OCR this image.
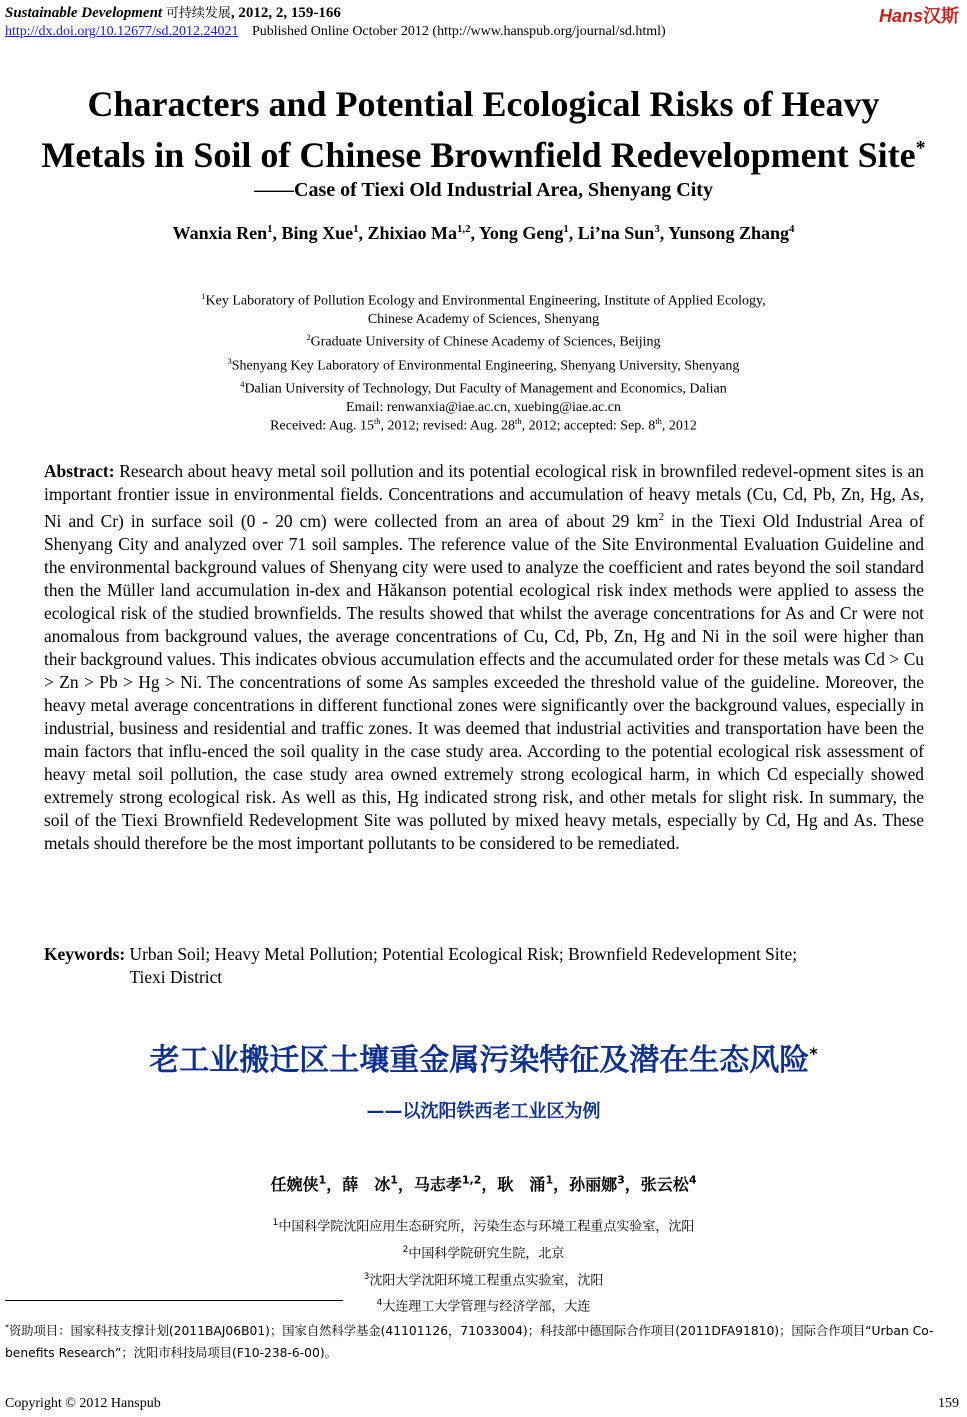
Sustainable Development 可持续发展, 2012, 2, 159-166
http://dx.doi.org/10.12677/sd.2012.24021 Published Online October 2012 (http://www.hanspub.org/journal/sd.html)
Hans汉斯
Characters and Potential Ecological Risks of Heavy
Metals in Soil of Chinese Brownfield Redevelopment Site*
——Case of Tiexi Old Industrial Area, Shenyang City
Wanxia Ren$^1$, Bing Xue$^1$, Zhixiao Ma$^{1,2}$, Yong Geng$^1$, Li’na Sun$^3$, Yunsong Zhang$^4$
$^1$Key Laboratory of Pollution Ecology and Environmental Engineering, Institute of Applied Ecology,
Chinese Academy of Sciences, Shenyang
$^2$Graduate University of Chinese Academy of Sciences, Beijing
$^3$Shenyang Key Laboratory of Environmental Engineering, Shenyang University, Shenyang
$^4$Dalian University of Technology, Dut Faculty of Management and Economics, Dalian
Email: renwanxia@iae.ac.cn, xuebing@iae.ac.cn
Received: Aug. 15th, 2012; revised: Aug. 28th, 2012; accepted: Sep. 8th, 2012
Abstract: Research about heavy metal soil pollution and its potential ecological risk in brownfiled redevel-opment sites is an important frontier issue in environmental fields. Concentrations and accumulation of heavy metals (Cu, Cd, Pb, Zn, Hg, As, Ni and Cr) in surface soil (0 - 20 cm) were collected from an area of about 29 $km^2$ in the Tiexi Old Industrial Area of Shenyang City and analyzed over 71 soil samples. The reference value of the Site Environmental Evaluation Guideline and the environmental background values of Shenyang city were used to analyze the coefficient and rates beyond the soil standard then the Müller land accumulation in-dex and Hǎkanson potential ecological risk index methods were applied to assess the ecological risk of the studied brownfields. The results showed that whilst the average concentrations for As and Cr were not anomalous from background values, the average concentrations of Cu, Cd, Pb, Zn, Hg and Ni in the soil were higher than their background values. This indicates obvious accumulation effects and the accumulated order for these metals was Cd > Cu > Zn > Pb > Hg > Ni. The concentrations of some As samples exceeded the threshold value of the guideline. Moreover, the heavy metal average concentrations in different functional zones were significantly over the background values, especially in industrial, business and residential and traffic zones. It was deemed that industrial activities and transportation have been the main factors that influ-enced the soil quality in the case study area. According to the potential ecological risk assessment of heavy metal soil pollution, the case study area owned extremely strong ecological harm, in which Cd especially showed extremely strong ecological risk. As well as this, Hg indicated strong risk, and other metals for slight risk. In summary, the soil of the Tiexi Brownfield Redevelopment Site was polluted by mixed heavy metals, especially by Cd, Hg and As. These metals should therefore be the most important pollutants to be considered to be remediated.
Keywords: Urban Soil; Heavy Metal Pollution; Potential Ecological Risk; Brownfield Redevelopment Site;
Tiexi District
老工业搬迁区土壤重金属污染特征及潜在生态风险*
——以沈阳铁西老工业区为例
任婉侠$^1$，薛　冰$^1$，马志孝$^{1,2}$，耿　涌$^1$，孙丽娜$^3$，张云松$^4$
$^1$中国科学院沈阳应用生态研究所，污染生态与环境工程重点实验室，沈阳
$^2$中国科学院研究生院，北京
$^3$沈阳大学沈阳环境工程重点实验室，沈阳
$^4$大连理工大学管理与经济学部，大连
*资助项目：国家科技支撑计划(2011BAJ06B01)；国家自然科学基金(41101126，71033004)；科技部中德国际合作项目(2011DFA91810)；国际合作项目“Urban Co-benefits Research”；沈阳市科技局项目(F10-238-6-00)。
Copyright © 2012 Hanspub	159
